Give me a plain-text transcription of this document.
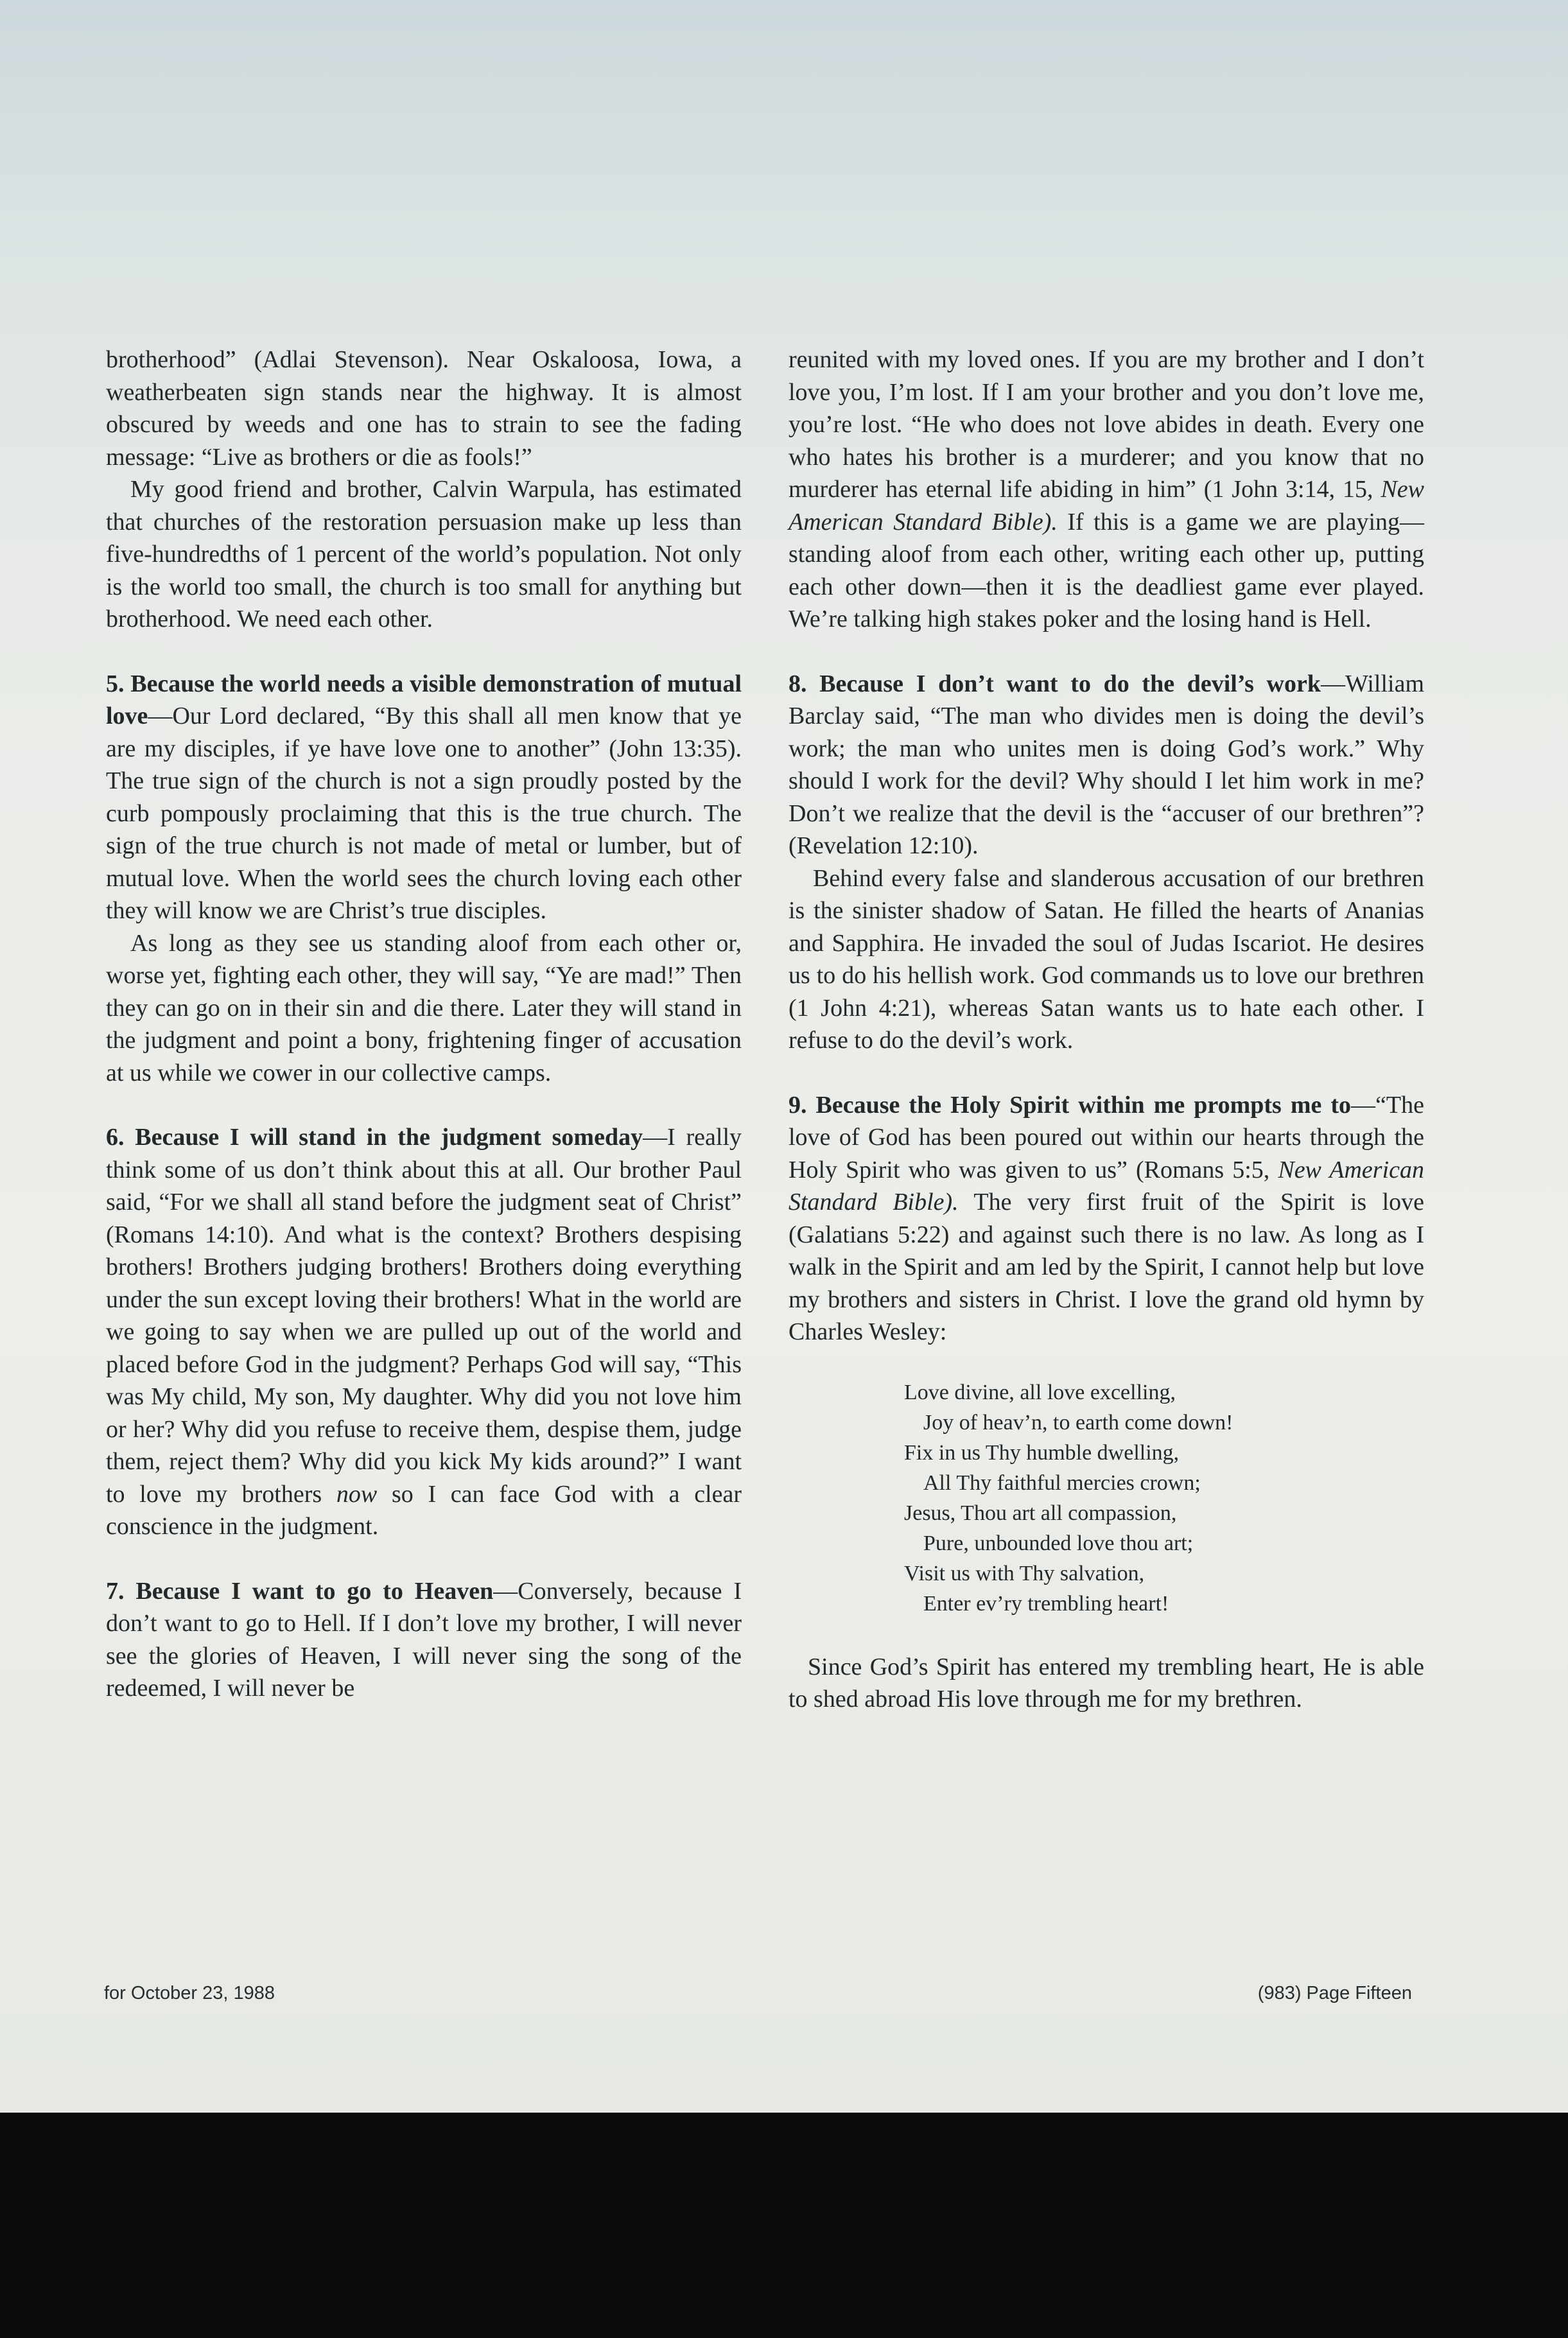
brotherhood” (Adlai Stevenson). Near Oskaloosa, Iowa, a weatherbeaten sign stands near the highway. It is almost obscured by weeds and one has to strain to see the fading message: “Live as brothers or die as fools!”

My good friend and brother, Calvin Warpula, has estimated that churches of the restoration persuasion make up less than five-hundredths of 1 percent of the world’s population. Not only is the world too small, the church is too small for anything but brotherhood. We need each other.

5. Because the world needs a visible demonstration of mutual love—Our Lord declared, “By this shall all men know that ye are my disciples, if ye have love one to another” (John 13:35). The true sign of the church is not a sign proudly posted by the curb pompously proclaiming that this is the true church. The sign of the true church is not made of metal or lumber, but of mutual love. When the world sees the church loving each other they will know we are Christ’s true disciples.

As long as they see us standing aloof from each other or, worse yet, fighting each other, they will say, “Ye are mad!” Then they can go on in their sin and die there. Later they will stand in the judgment and point a bony, frightening finger of accusation at us while we cower in our collective camps.

6. Because I will stand in the judgment someday—I really think some of us don’t think about this at all. Our brother Paul said, “For we shall all stand before the judgment seat of Christ” (Romans 14:10). And what is the context? Brothers despising brothers! Brothers judging brothers! Brothers doing everything under the sun except loving their brothers! What in the world are we going to say when we are pulled up out of the world and placed before God in the judgment? Perhaps God will say, “This was My child, My son, My daughter. Why did you not love him or her? Why did you refuse to receive them, despise them, judge them, reject them? Why did you kick My kids around?” I want to love my brothers now so I can face God with a clear conscience in the judgment.

7. Because I want to go to Heaven—Conversely, because I don’t want to go to Hell. If I don’t love my brother, I will never see the glories of Heaven, I will never sing the song of the redeemed, I will never be

reunited with my loved ones. If you are my brother and I don’t love you, I’m lost. If I am your brother and you don’t love me, you’re lost. “He who does not love abides in death. Every one who hates his brother is a murderer; and you know that no murderer has eternal life abiding in him” (1 John 3:14, 15, New American Standard Bible). If this is a game we are playing—standing aloof from each other, writing each other up, putting each other down—then it is the deadliest game ever played. We’re talking high stakes poker and the losing hand is Hell.

8. Because I don’t want to do the devil’s work—William Barclay said, “The man who divides men is doing the devil’s work; the man who unites men is doing God’s work.” Why should I work for the devil? Why should I let him work in me? Don’t we realize that the devil is the “accuser of our brethren”? (Revelation 12:10).

Behind every false and slanderous accusation of our brethren is the sinister shadow of Satan. He filled the hearts of Ananias and Sapphira. He invaded the soul of Judas Iscariot. He desires us to do his hellish work. God commands us to love our brethren (1 John 4:21), whereas Satan wants us to hate each other. I refuse to do the devil’s work.

9. Because the Holy Spirit within me prompts me to—“The love of God has been poured out within our hearts through the Holy Spirit who was given to us” (Romans 5:5, New American Standard Bible). The very first fruit of the Spirit is love (Galatians 5:22) and against such there is no law. As long as I walk in the Spirit and am led by the Spirit, I cannot help but love my brothers and sisters in Christ. I love the grand old hymn by Charles Wesley:

Love divine, all love excelling,
Joy of heav’n, to earth come down!
Fix in us Thy humble dwelling,
All Thy faithful mercies crown;
Jesus, Thou art all compassion,
Pure, unbounded love thou art;
Visit us with Thy salvation,
Enter ev’ry trembling heart!

Since God’s Spirit has entered my trembling heart, He is able to shed abroad His love through me for my brethren.

for October 23, 1988	(983) Page Fifteen
